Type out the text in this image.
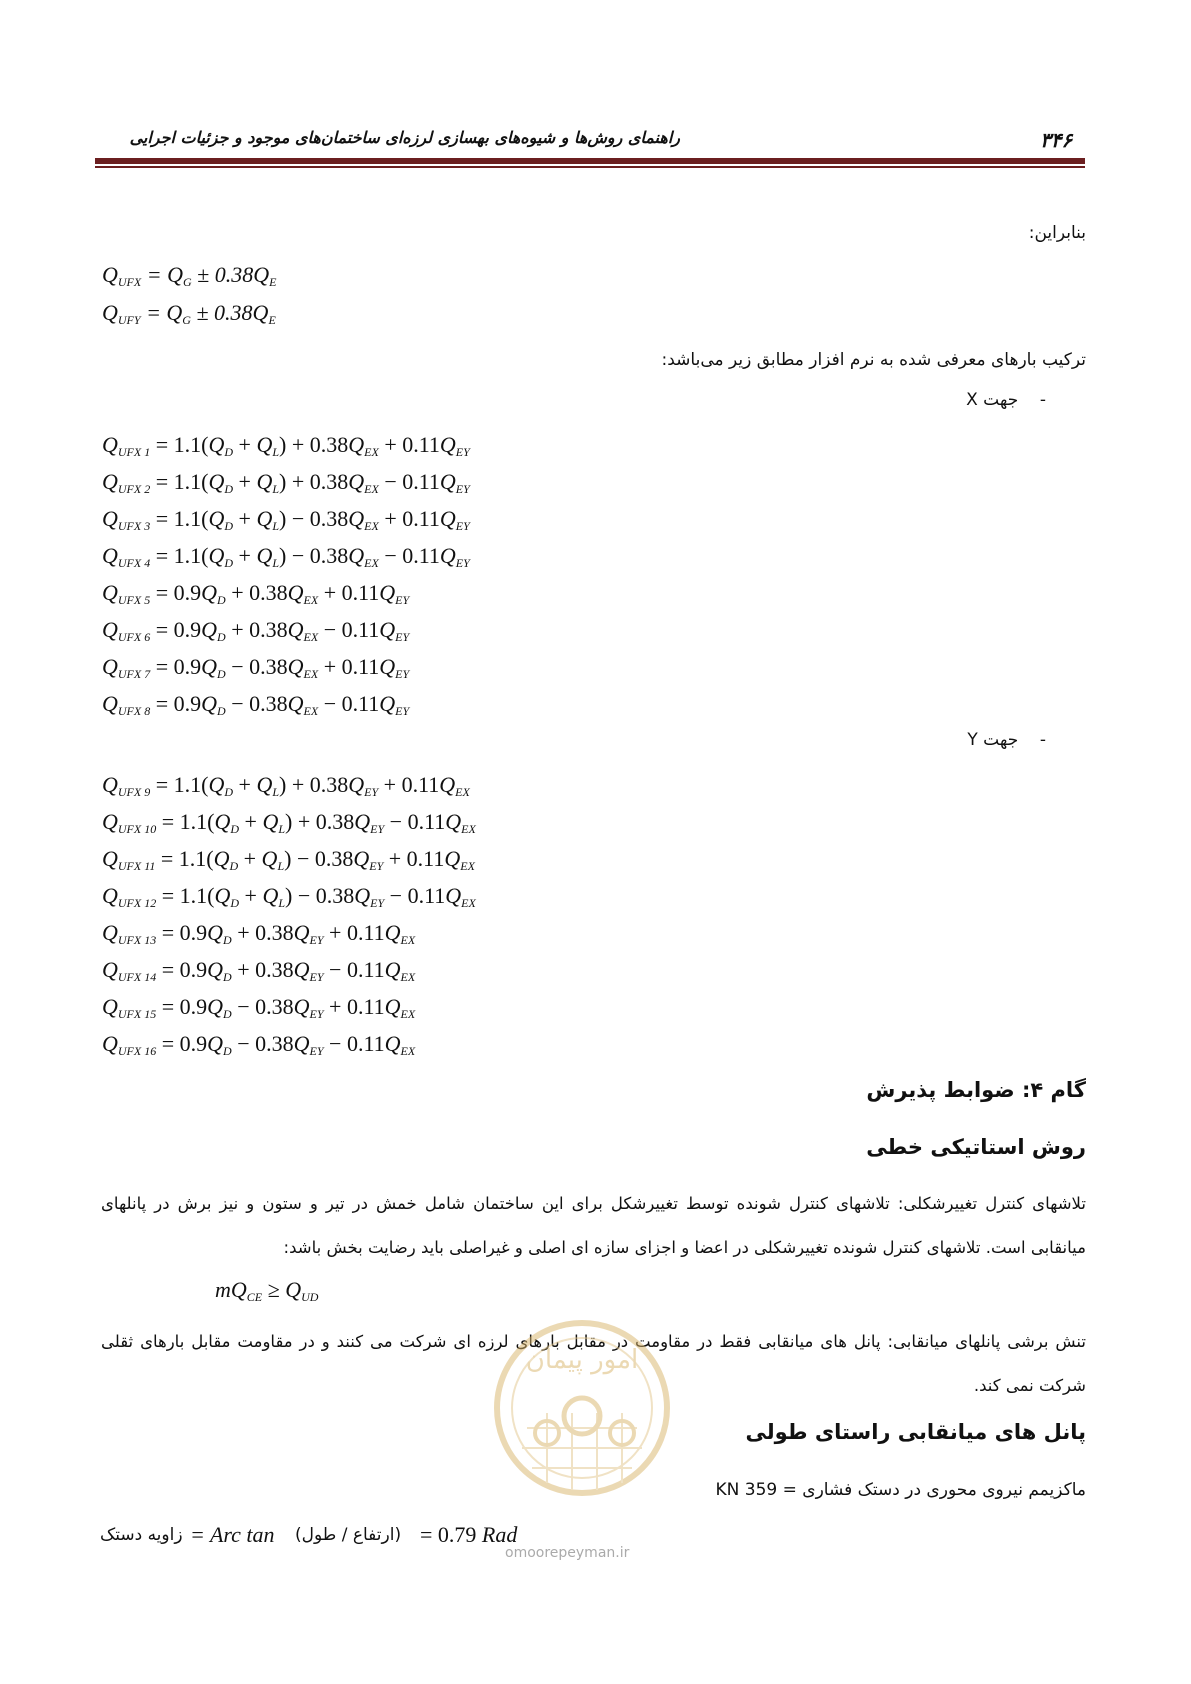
۳۴۶
راهنمای روش‌ها و شیوه‌های بهسازی لرزه‌ای ساختمان‌های موجود و جزئیات اجرایی
بنابراین:
$Q_{UFX} = Q_G \pm 0.38Q_E$
$Q_{UFY} = Q_G \pm 0.38Q_E$
ترکیب بارهای معرفی شده به نرم افزار مطابق زیر می‌باشد:
-    جهت X
$Q_{UFX 1} = 1.1(Q_D + Q_L) + 0.38Q_{EX} + 0.11Q_{EY}$
$Q_{UFX 2} = 1.1(Q_D + Q_L) + 0.38Q_{EX} - 0.11Q_{EY}$
$Q_{UFX 3} = 1.1(Q_D + Q_L) - 0.38Q_{EX} + 0.11Q_{EY}$
$Q_{UFX 4} = 1.1(Q_D + Q_L) - 0.38Q_{EX} - 0.11Q_{EY}$
$Q_{UFX 5} = 0.9Q_D + 0.38Q_{EX} + 0.11Q_{EY}$
$Q_{UFX 6} = 0.9Q_D + 0.38Q_{EX} - 0.11Q_{EY}$
$Q_{UFX 7} = 0.9Q_D - 0.38Q_{EX} + 0.11Q_{EY}$
$Q_{UFX 8} = 0.9Q_D - 0.38Q_{EX} - 0.11Q_{EY}$
-    جهت Y
$Q_{UFX 9} = 1.1(Q_D + Q_L) + 0.38Q_{EY} + 0.11Q_{EX}$
$Q_{UFX 10} = 1.1(Q_D + Q_L) + 0.38Q_{EY} - 0.11Q_{EX}$
$Q_{UFX 11} = 1.1(Q_D + Q_L) - 0.38Q_{EY} + 0.11Q_{EX}$
$Q_{UFX 12} = 1.1(Q_D + Q_L) - 0.38Q_{EY} - 0.11Q_{EX}$
$Q_{UFX 13} = 0.9Q_D + 0.38Q_{EY} + 0.11Q_{EX}$
$Q_{UFX 14} = 0.9Q_D + 0.38Q_{EY} - 0.11Q_{EX}$
$Q_{UFX 15} = 0.9Q_D - 0.38Q_{EY} + 0.11Q_{EX}$
$Q_{UFX 16} = 0.9Q_D - 0.38Q_{EY} - 0.11Q_{EX}$
گام ۴: ضوابط پذیرش
روش استاتیکی خطی
تلاشهای کنترل تغییرشکلی: تلاشهای کنترل شونده توسط تغییرشکل برای این ساختمان شامل خمش در تیر و ستون و نیز برش در پانلهای میانقابی است. تلاشهای کنترل شونده تغییرشکلی در اعضا و اجزای سازه ای اصلی و غیراصلی باید رضایت بخش باشد:
$mQ_{CE} \ge Q_{UD}$
تنش برشی پانلهای میانقابی: پانل های میانقابی فقط در مقاومت در مقابل بارهای لرزه ای شرکت می کنند و در مقاومت مقابل بارهای ثقلی شرکت نمی کند.
پانل های میانقابی راستای طولی
ماکزیمم نیروی محوری در دستک فشاری = 359 KN
زاویه دستک = Arc tan (ارتفاع / طول) = 0.79 Rad
امور پیمان
omoorepeyman.ir
